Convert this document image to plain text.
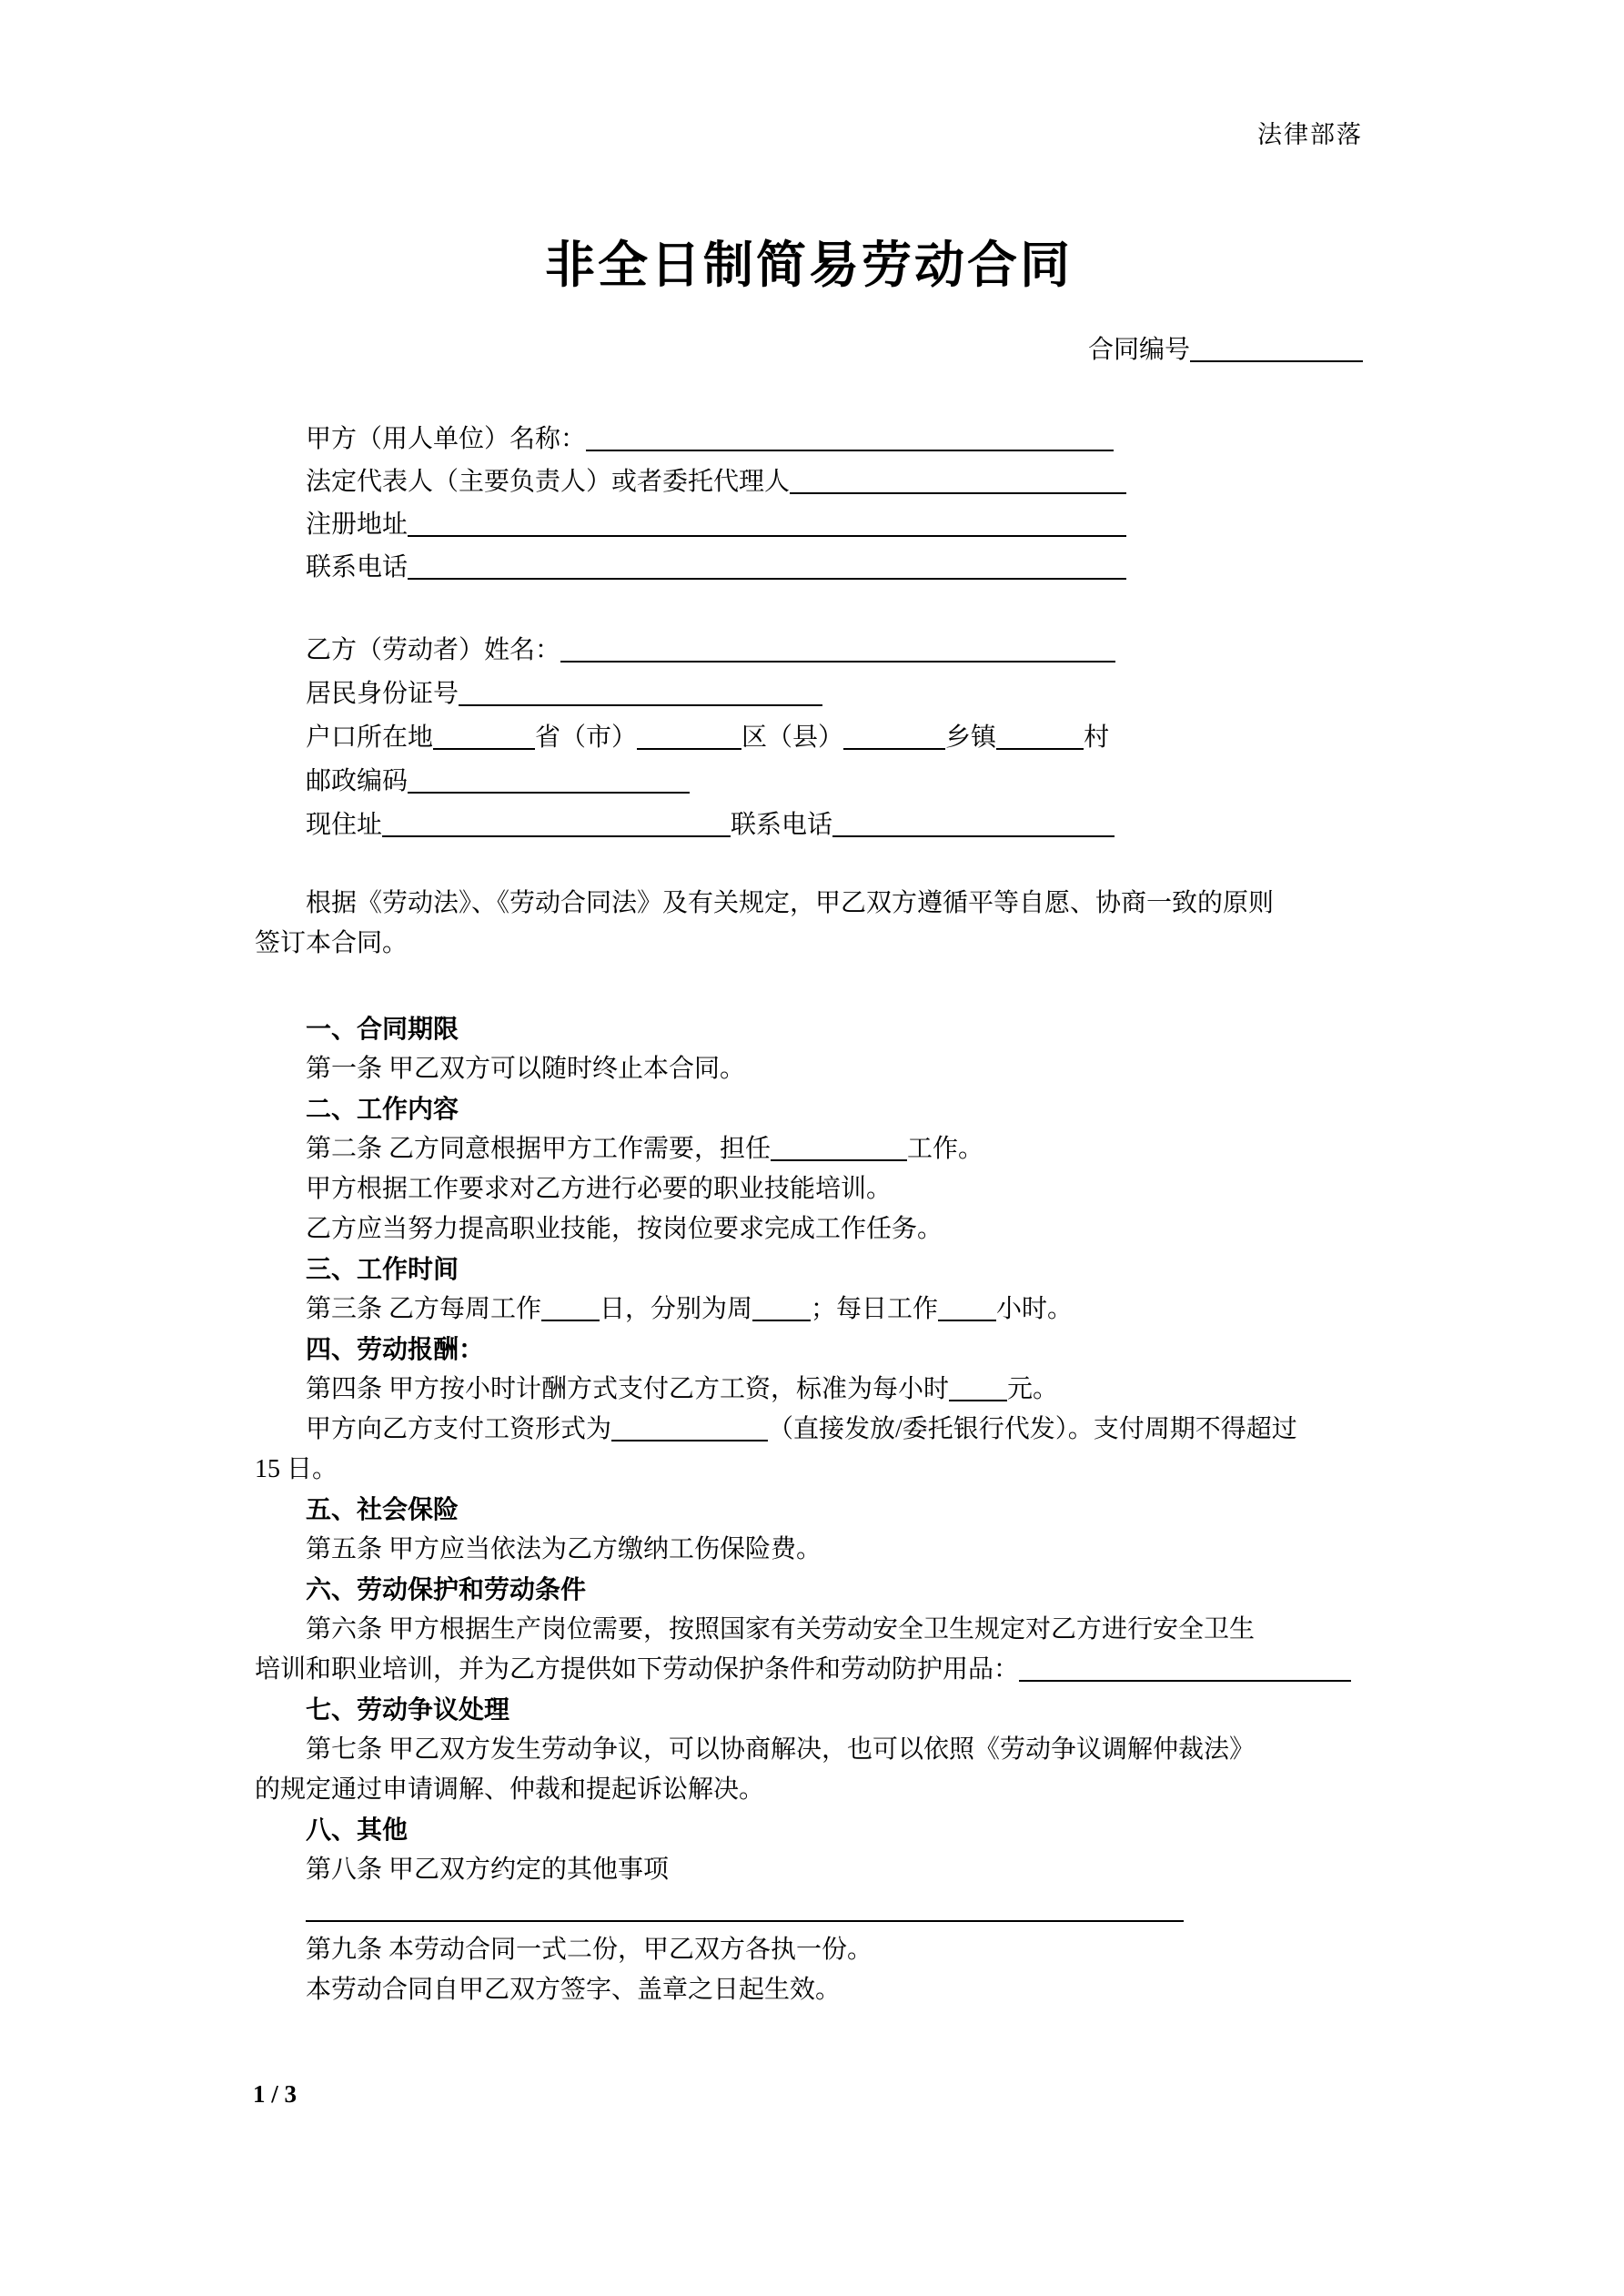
法律部落
非全日制简易劳动合同

合同编号

甲方（用人单位）名称：

法定代表人（主要负责人）或者委托代理人

注册地址

联系电话

乙方（劳动者）姓名：

居民身份证号

户口所在地	省（市）	区（县）	乡镇	村

邮政编码

现住址	联系电话

根据《劳动法》、《劳动合同法》及有关规定，甲乙双方遵循平等自愿、协商一致的原则

签订本合同。

一、合同期限

第一条 甲乙双方可以随时终止本合同。

二、工作内容

第二条 乙方同意根据甲方工作需要，担任	工作。

甲方根据工作要求对乙方进行必要的职业技能培训。

乙方应当努力提高职业技能，按岗位要求完成工作任务。

三、工作时间

第三条 乙方每周工作 日，分别为周 ；每日工作 小时。

四、劳动报酬：

第四条 甲方按小时计酬方式支付乙方工资，标准为每小时 元。

甲方向乙方支付工资形式为	（直接发放/委托银行代发）。支付周期不得超过

15 日。

五、社会保险

第五条 甲方应当依法为乙方缴纳工伤保险费。

六、劳动保护和劳动条件

第六条 甲方根据生产岗位需要，按照国家有关劳动安全卫生规定对乙方进行安全卫生

培训和职业培训，并为乙方提供如下劳动保护条件和劳动防护用品：

七、劳动争议处理

第七条 甲乙双方发生劳动争议，可以协商解决，也可以依照《劳动争议调解仲裁法》

的规定通过申请调解、仲裁和提起诉讼解决。

八、其他

第八条 甲乙双方约定的其他事项

第九条 本劳动合同一式二份，甲乙双方各执一份。

本劳动合同自甲乙双方签字、盖章之日起生效。

1 / 3
